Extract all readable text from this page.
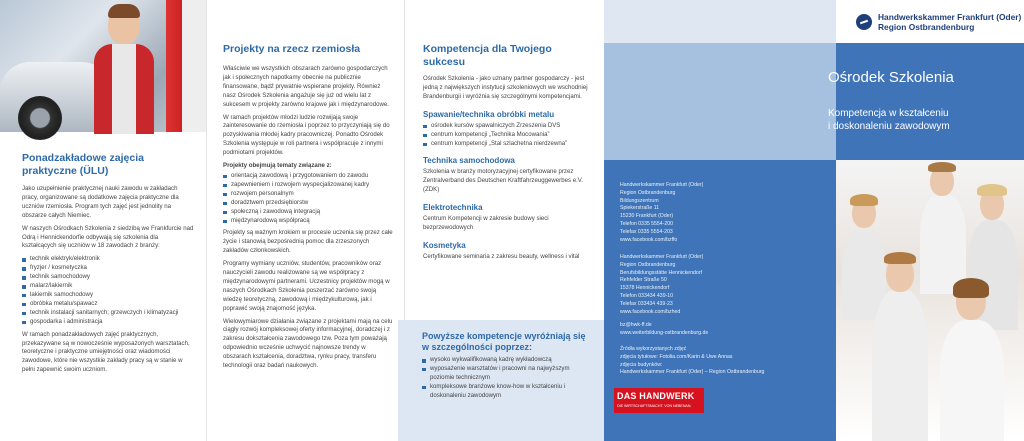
Ponadzakładowe zajęcia praktyczne (ÜLU)

Jako uzupełnienie praktycznej nauki zawodu w zakładach pracy, organizowane są dodatkowe zajęcia praktyczne dla uczniów rzemiosła. Program tych zajęć jest jednolity na obszarze całych Niemiec.

W naszych Ośrodkach Szkolenia z siedzibą we Frankfurcie nad Odrą i Hennickendorfie odbywają się szkolenia dla kształcących się uczniów w 18 zawodach z branży:

technik elektryk/elektronik
fryzjer / kosmetyczka
technik samochodowy
malarz/lakiernik
lakiernik samochodowy
obróbka metalu/spawacz
technik instalacji sanitarnych; grzewczych i klimatyzacji
gospodarka i administracja

W ramach ponadzakładowych zajęć praktycznych, przekazywane są w nowocześnie wyposażonych warsztatach, teoretyczne i praktyczne umiejętności oraz wiadomości zawodowe, które nie wszystkie zakłady pracy są w stanie w pełni zapewnić swoim uczniom.

Projekty na rzecz rzemiosła

Właściwie we wszystkich obszarach zarówno gospodarczych jak i społecznych napotkamy obecnie na publicznie finansowane, bądź prywatnie wspierane projekty. Również nasz Ośrodek Szkolenia angażuje się już od wielu lat z sukcesem w projekty zarówno krajowe jak i międzynarodowe.

W ramach projektów młodzi ludzie rozwijają swoje zainteresowanie do rzemiosła i poprzez to przyczyniają się do pozyskiwania młodej kadry pracowniczej. Ponadto Ośrodek Szkolenia występuje w roli partnera i współpracuje z innymi podmiotami projektów.

Projekty obejmują tematy związane z:

orientacją zawodową i przygotowaniem do zawodu
zapewnieniem i rozwojem wyspecjalizowanej kadry
rozwojem personalnym
doradztwem przedsiębiorstw
społeczną i zawodową integracją
międzynarodową współpracą

Projekty są ważnym krokiem w procesie uczenia się przez całe życie i stanowią bezpośrednią pomoc dla zrzeszonych zakładów członkowskich.

Programy wymiany uczniów, studentów, pracowników oraz nauczycieli zawodu realizowane są we współpracy z międzynarodowymi partnerami. Uczestnicy projektów mogą w naszych Ośrodkach Szkolenia poszerzać zarówno swoją wiedzę teoretyczną, zawodową i międzykulturową, jak i poprawić swoją znajomość języka.

Wielowymiarowe działania związane z projektami mają na celu ciągły rozwój kompleksowej oferty informacyjnej, doradczej i z zakresu dokształcenia zawodowego tzw. Poza tym poważają odpowiednio wcześnie uchwycić najnowsze trendy w obszarach kształcenia, doradztwa, rynku pracy, transferu technologii oraz badań naukowych.

Kompetencja dla Twojego sukcesu

Ośrodek Szkolenia - jako uznany partner gospodarczy - jest jedną z największych instytucji szkoleniowych we wschodniej Brandenburgii i wyróżnia się szczególnymi kompetencjami.

Spawanie/technika obróbki metalu
ośrodek kursów spawalniczych Zrzeszenia DVS
centrum kompetencji „Technika Mocowania”
centrum kompetencji „Stal szlachetna nierdzewna”
Technika samochodowa

Szkolenia w branży motoryzacyjnej certyfikowane przez Zentralverband des Deutschen Kraftfahrzeuggewerbes e.V. (ZDK)

Elektrotechnika

Centrum Kompetencji w zakresie budowy sieci bezprzewodowych

Kosmetyka

Certyfikowane seminaria z zakresu beauty, wellness i vital

Powyższe kompetencje wyróżniają się w szczególności poprzez:
wysoko wykwalifikowaną kadrę wykładowczą
wyposażenie warsztatów i pracowni na najwyższym poziomie technicznym
kompleksowe branżowe know-how w kształceniu i doskonaleniu zawodowym
Handwerkskammer Frankfurt (Oder)
Region Ostbrandenburg
Ośrodek Szkolenia
Kompetencja w kształceniu
i doskonaleniu zawodowym
Handwerkskammer Frankfurt (Oder)
Region Ostbrandenburg
Bildungszentrum
Spiekerstraße 11
15230 Frankfurt (Oder)
Telefon 0335 5554-200
Telefax 0335 5554-203
www.facebook.com/bzffo
Handwerkskammer Frankfurt (Oder)
Region Ostbrandenburg
Berufsbildungsstätte Hennickendorf
Rehfelder Straße 50
15378 Hennickendorf
Telefon 033434 439-10
Telefax 033434 439-23
www.facebook.com/bzhed
bz@hwk-ff.de
www.weiterbildung-ostbrandenburg.de
Źródła wykorzystanych zdjęć
zdjęcia tytułowe: Fotolia.com/Karin & Uwe Annas
zdjęcia budynków:
Handwerkskammer Frankfurt (Oder) – Region Ostbrandenburg
DAS HANDWERK
DIE WIRTSCHAFTSMACHT. VON NEBENAN.
